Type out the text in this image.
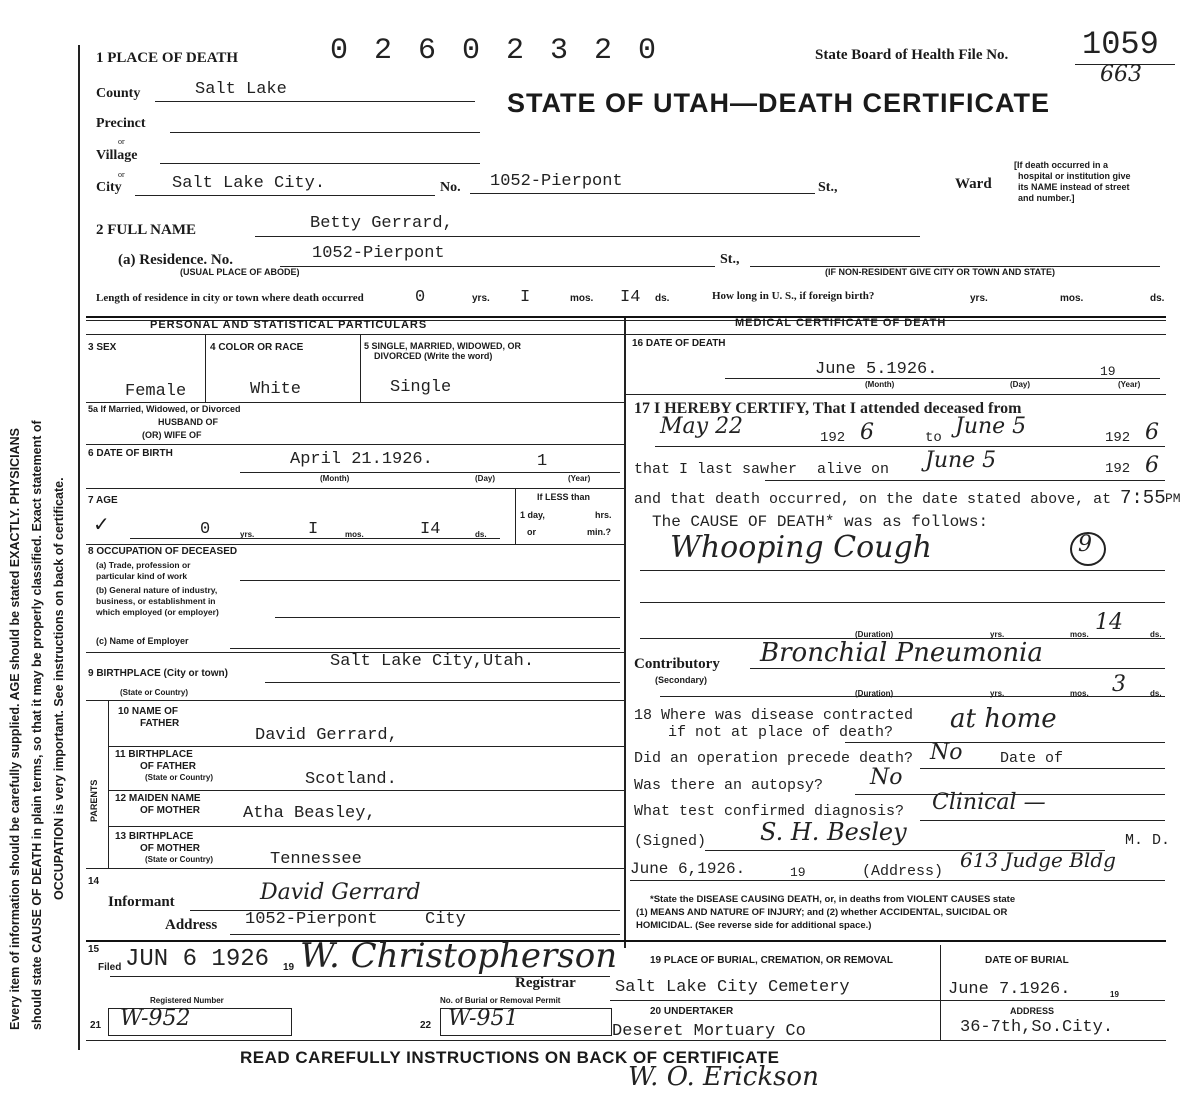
Every item of information should be carefully supplied. AGE should be stated EXACTLY. PHYSICIANS should state CAUSE OF DEATH in plain terms, so that it may be properly classified. Exact statement of OCCUPATION is very important. See instructions on back of certificate.
1 PLACE OF DEATH	0 2 6 0 2 3 2 0	State Board of Health File No. 1059
663
STATE OF UTAH—DEATH CERTIFICATE
County	Salt Lake
Precinct
or
Village
or
City	Salt Lake City.	No. 1052-Pierpont	St.,	Ward
[If death occurred in a
hospital or institution give
its NAME instead of street
and number.]
2 FULL NAME	Betty Gerrard,
(a) Residence. No.	1052-Pierpont	St.,
(USUAL PLACE OF ABODE)	(IF NON-RESIDENT GIVE CITY OR TOWN AND STATE)
Length of residence in city or town where death occurred	0	yrs. I	mos. I4 ds.	How long in U. S., if foreign birth?	yrs.	mos.	ds.
PERSONAL AND STATISTICAL PARTICULARS	MEDICAL CERTIFICATE OF DEATH
3 SEX
Female
4 COLOR OR RACE
White
5 SINGLE, MARRIED, WIDOWED, OR
DIVORCED (Write the word)
Single
5a If Married, Widowed, or Divorced
HUSBAND OF
(OR) WIFE OF
6 DATE OF BIRTH	April 21.1926.	1
(Month)	(Day)	(Year)
7 AGE
✓	0	yrs.	I	mos.	I4	ds.
If LESS than
1 day,	hrs.
or	min.?
8 OCCUPATION OF DECEASED
(a) Trade, profession or
particular kind of work
(b) General nature of industry,
business, or establishment in
which employed (or employer)
(c) Name of Employer
9 BIRTHPLACE (City or town)
Salt Lake City,Utah.
(State or Country)
PARENTS
10 NAME OF
FATHER
David Gerrard,
11 BIRTHPLACE
OF FATHER
(State or Country)	Scotland.
12 MAIDEN NAME
OF MOTHER	Atha Beasley,
13 BIRTHPLACE
OF MOTHER
(State or Country)	Tennessee
14
Informant	David Gerrard
Address 1052-Pierpont	City
16 DATE OF DEATH
June 5.1926.	19
(Month)	(Day)	(Year)
17 I HEREBY CERTIFY, That I attended deceased from
May 22	192 6	to June 5	192 6
that I last saw her alive on June 5	192 6
and that death occurred, on the date stated above, at 7:55 PM
The CAUSE OF DEATH* was as follows:
Whooping Cough	9
(Duration)	yrs.	mos. 14	ds.
Contributory
(Secondary)
Bronchial Pneumonia
(Duration)	yrs.	mos. 3	ds.
18 Where was disease contracted
if not at place of death? at home
Did an operation precede death? No	Date of
Was there an autopsy? No
What test confirmed diagnosis? Clinical —
(Signed) S. H. Besley	M. D.
June 6,1926.	19	(Address) 613 Judge Bldg
*State the DISEASE CAUSING DEATH, or, in deaths from VIOLENT CAUSES state
(1) MEANS AND NATURE OF INJURY; and (2) whether ACCIDENTAL, SUICIDAL OR
HOMICIDAL. (See reverse side for additional space.)
15
Filed JUN 6 1926 19 W. Christopherson
Registrar
19 PLACE OF BURIAL, CREMATION, OR REMOVAL
Salt Lake City Cemetery
DATE OF BURIAL
June 7.1926.	19
Registered Number
21 W-952
No. of Burial or Removal Permit
22 W-951	20 UNDERTAKER
Deseret Mortuary Co
ADDRESS
36-7th,So.City.
READ CAREFULLY INSTRUCTIONS ON BACK OF CERTIFICATE
W. O. Erickson
